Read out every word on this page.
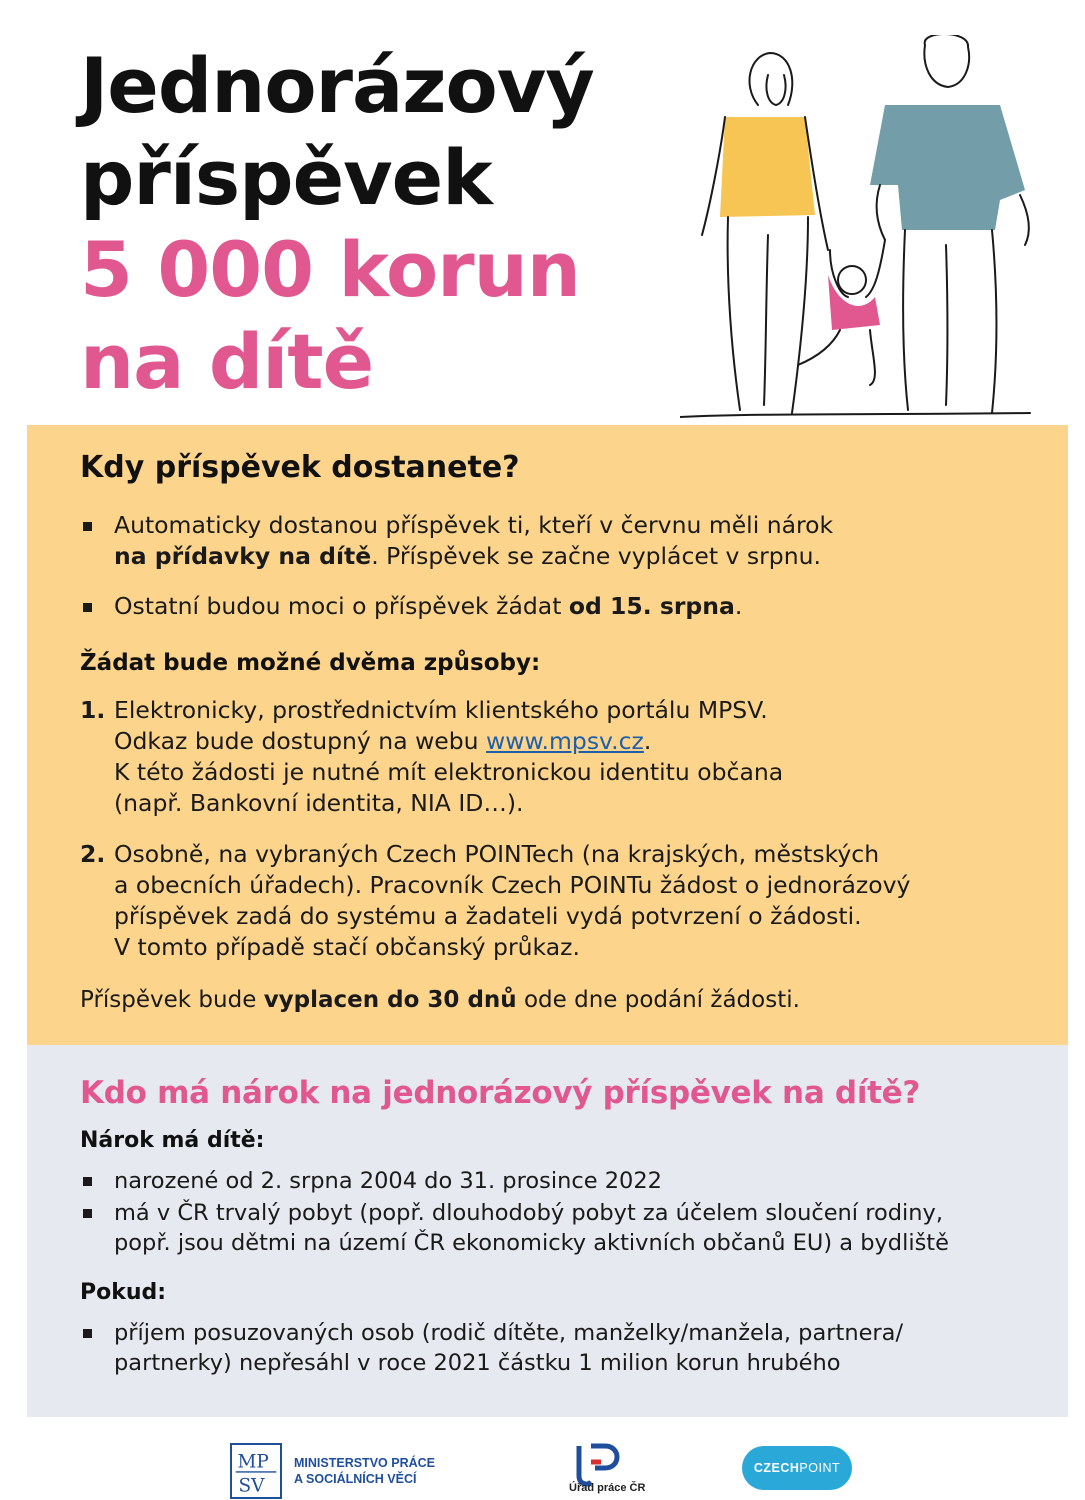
Jednorázový
příspěvek
5 000 korun
na dítě
Kdy příspěvek dostanete?
Automaticky dostanou příspěvek ti, kteří v červnu měli nárok
na přídavky na dítě. Příspěvek se začne vyplácet v srpnu.
Ostatní budou moci o příspěvek žádat od 15. srpna.

Žádat bude možné dvěma způsoby:

1. Elektronicky, prostřednictvím klientského portálu MPSV.
Odkaz bude dostupný na webu www.mpsv.cz.
K této žádosti je nutné mít elektronickou identitu občana
(např. Bankovní identita, NIA ID…).
2. Osobně, na vybraných Czech POINTech (na krajských, městských
a obecních úřadech). Pracovník Czech POINTu žádost o jednorázový
příspěvek zadá do systému a žadateli vydá potvrzení o žádosti.
V tomto případě stačí občanský průkaz.

Příspěvek bude vyplacen do 30 dnů ode dne podání žádosti.

Kdo má nárok na jednorázový příspěvek na dítě?

Nárok má dítě:

narozené od 2. srpna 2004 do 31. prosince 2022
má v ČR trvalý pobyt (popř. dlouhodobý pobyt za účelem sloučení rodiny,
popř. jsou dětmi na území ČR ekonomicky aktivních občanů EU) a bydliště

Pokud:

příjem posuzovaných osob (rodič dítěte, manželky/manžela, partnera/
partnerky) nepřesáhl v roce 2021 částku 1 milion korun hrubého
MP
SV
MINISTERSTVO PRÁCE
A SOCIÁLNÍCH VĚCÍ
Úřad práce ČR
CZECHPOINT
